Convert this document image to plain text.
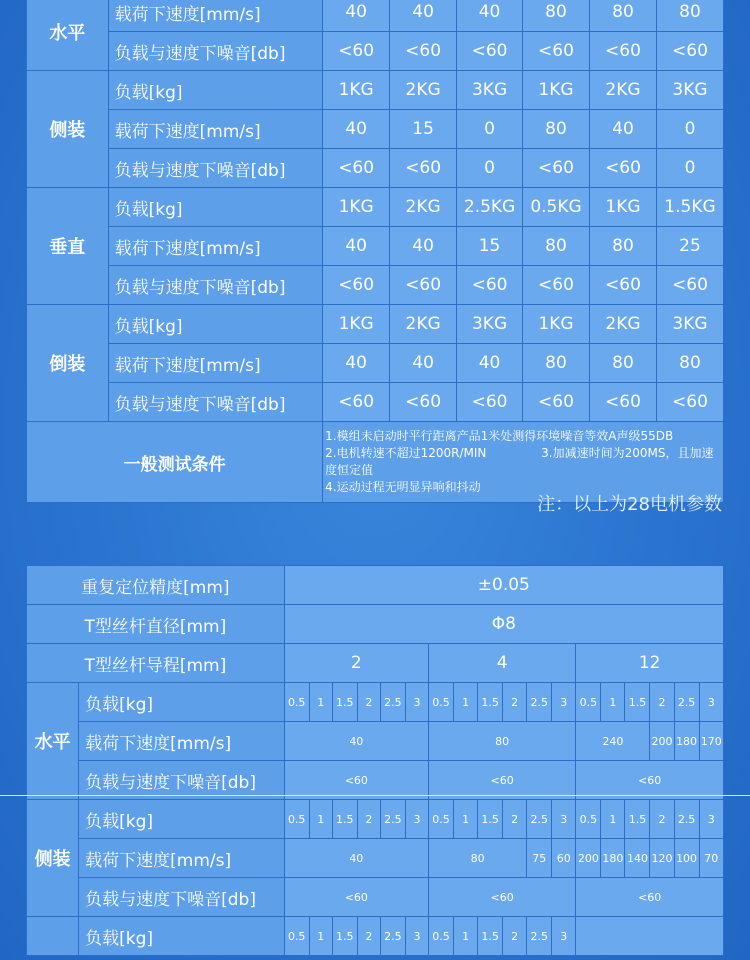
水平	载荷下速度[mm/s]	40	40	40	80	80	80
	负载与速度下噪音[db]	<60	<60	<60	<60	<60	<60
侧装	负载[kg]	1KG	2KG	3KG	1KG	2KG	3KG
	载荷下速度[mm/s]	40	15	0	80	40	0
	负载与速度下噪音[db]	<60	<60	0	<60	<60	0
垂直	负载[kg]	1KG	2KG	2.5KG	0.5KG	1KG	1.5KG
	载荷下速度[mm/s]	40	40	15	80	80	25
	负载与速度下噪音[db]	<60	<60	<60	<60	<60	<60
倒装	负载[kg]	1KG	2KG	3KG	1KG	2KG	3KG
	载荷下速度[mm/s]	40	40	40	80	80	80
	负载与速度下噪音[db]	<60	<60	<60	<60	<60	<60
一般测试条件		1.模组未启动时平行距离产品1米处测得环境噪音等效A声级55DB
2.电机转速不超过1200R/MIN 3.加减速时间为200MS，且加速度恒定值
4.运动过程无明显异响和抖动					
注：以上为28电机参数
重复定位精度[mm]		±0.05																	
T型丝杆直径[mm]		Φ8																	
T型丝杆导程[mm]		2						4						12					
水平	负载[kg]	0.5	1	1.5	2	2.5	3	0.5	1	1.5	2	2.5	3	0.5	1	1.5	2	2.5	3
	载荷下速度[mm/s]	40						80						240			200	180	170
	负载与速度下噪音[db]	<60						<60						<60					
侧装	负载[kg]	0.5	1	1.5	2	2.5	3	0.5	1	1.5	2	2.5	3	0.5	1	1.5	2	2.5	3
	载荷下速度[mm/s]	40						80				75	60	200	180	140	120	100	70
	负载与速度下噪音[db]	<60						<60						<60					
	负载[kg]	0.5	1	1.5	2	2.5	3	0.5	1	1.5	2	2.5	3						
